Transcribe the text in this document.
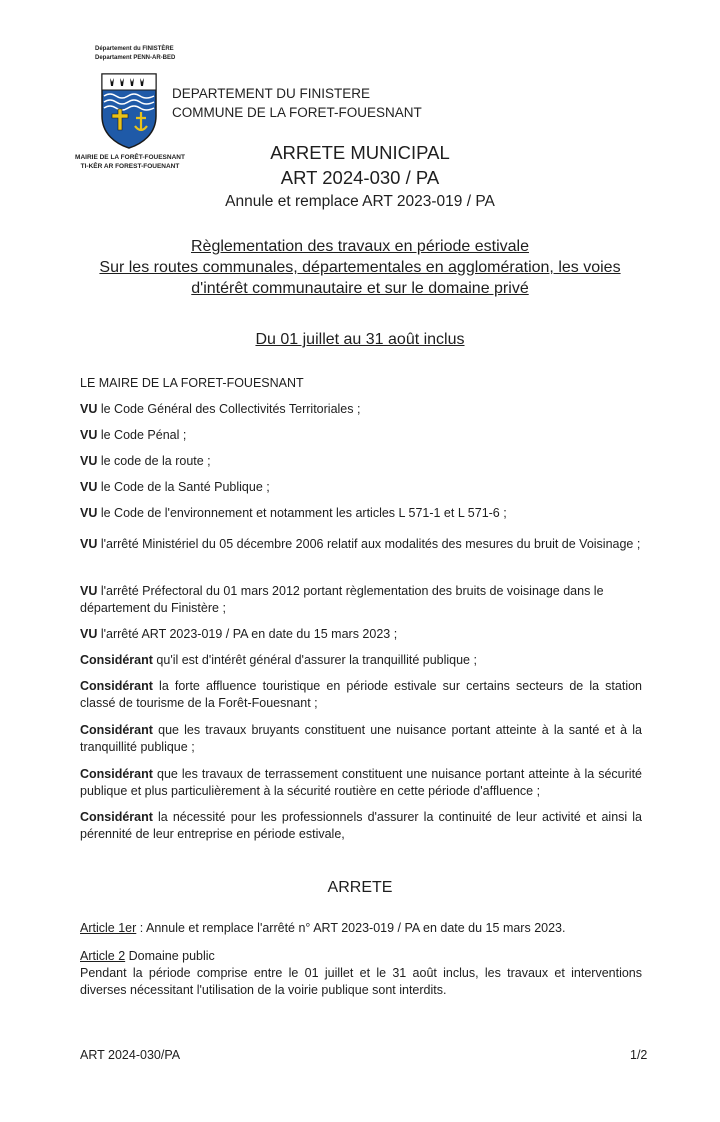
Département du FINISTÈRE
Departament PENN-AR-BED
MAIRIE DE LA FORÊT-FOUESNANT
TI-KÊR AR FOREST-FOUENANT
DEPARTEMENT DU FINISTERE
COMMUNE DE LA FORET-FOUESNANT
ARRETE MUNICIPAL
ART 2024-030 / PA
Annule et remplace ART 2023-019 / PA
Règlementation des travaux en période estivale
Sur les routes communales, départementales en agglomération, les voies
d'intérêt communautaire et sur le domaine privé
Du 01 juillet au 31 août inclus
LE MAIRE DE LA FORET-FOUESNANT
VU le Code Général des Collectivités Territoriales ;
VU le Code Pénal ;
VU le code de la route ;
VU le Code de la Santé Publique ;
VU le Code de l'environnement et notamment les articles L 571-1 et L 571-6 ;
VU l'arrêté Ministériel du 05 décembre 2006 relatif aux modalités des mesures du bruit de Voisinage ;
VU l'arrêté Préfectoral du 01 mars 2012 portant règlementation des bruits de voisinage dans le département du Finistère ;
VU l'arrêté ART 2023-019 / PA en date du 15 mars 2023 ;
Considérant qu'il est d'intérêt général d'assurer la tranquillité publique ;
Considérant la forte affluence touristique en période estivale sur certains secteurs de la station classé de tourisme de la Forêt-Fouesnant ;
Considérant que les travaux bruyants constituent une nuisance portant atteinte à la santé et à la tranquillité publique ;
Considérant que les travaux de terrassement constituent une nuisance portant atteinte à la sécurité publique et plus particulièrement à la sécurité routière en cette période d'affluence ;
Considérant la nécessité pour les professionnels d'assurer la continuité de leur activité et ainsi la pérennité de leur entreprise en période estivale,
ARRETE
Article 1er : Annule et remplace l'arrêté n° ART 2023-019 / PA en date du 15 mars 2023.
Article 2 Domaine public
Pendant la période comprise entre le 01 juillet et le 31 août inclus, les travaux et interventions diverses nécessitant l'utilisation de la voirie publique sont interdits.
ART 2024-030/PA	1/2
